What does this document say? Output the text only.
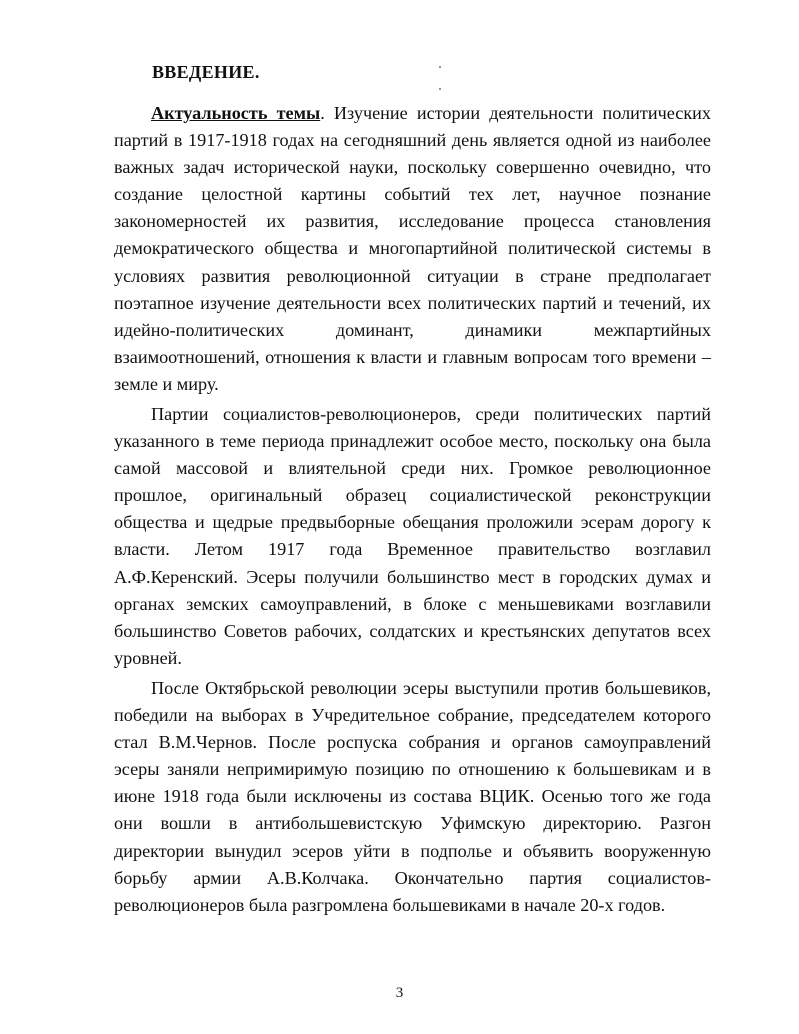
ВВЕДЕНИЕ.

Актуальность темы. Изучение истории деятельности политических партий в 1917-1918 годах на сегодняшний день является одной из наиболее важных задач исторической науки, поскольку совершенно очевидно, что создание целостной картины событий тех лет, научное познание закономерностей их развития, исследование процесса становления демократического общества и многопартийной политической системы в условиях развития революционной ситуации в стране предполагает поэтапное изучение деятельности всех политических партий и течений, их идейно-политических доминант, динамики межпартийных взаимоотношений, отношения к власти и главным вопросам того времени – земле и миру.

Партии социалистов-революционеров, среди политических партий указанного в теме периода принадлежит особое место, поскольку она была самой массовой и влиятельной среди них. Громкое революционное прошлое, оригинальный образец социалистической реконструкции общества и щедрые предвыборные обещания проложили эсерам дорогу к власти. Летом 1917 года Временное правительство возглавил А.Ф.Керенский. Эсеры получили большинство мест в городских думах и органах земских самоуправлений, в блоке с меньшевиками возглавили большинство Советов рабочих, солдатских и крестьянских депутатов всех уровней.

После Октябрьской революции эсеры выступили против большевиков, победили на выборах в Учредительное собрание, председателем которого стал В.М.Чернов. После роспуска собрания и органов самоуправлений эсеры заняли непримиримую позицию по отношению к большевикам и в июне 1918 года были исключены из состава ВЦИК. Осенью того же года они вошли в антибольшевистскую Уфимскую директорию. Разгон директории вынудил эсеров уйти в подполье и объявить вооруженную борьбу армии А.В.Колчака. Окончательно партия социалистов-революционеров была разгромлена большевиками в начале 20-х годов.

3
